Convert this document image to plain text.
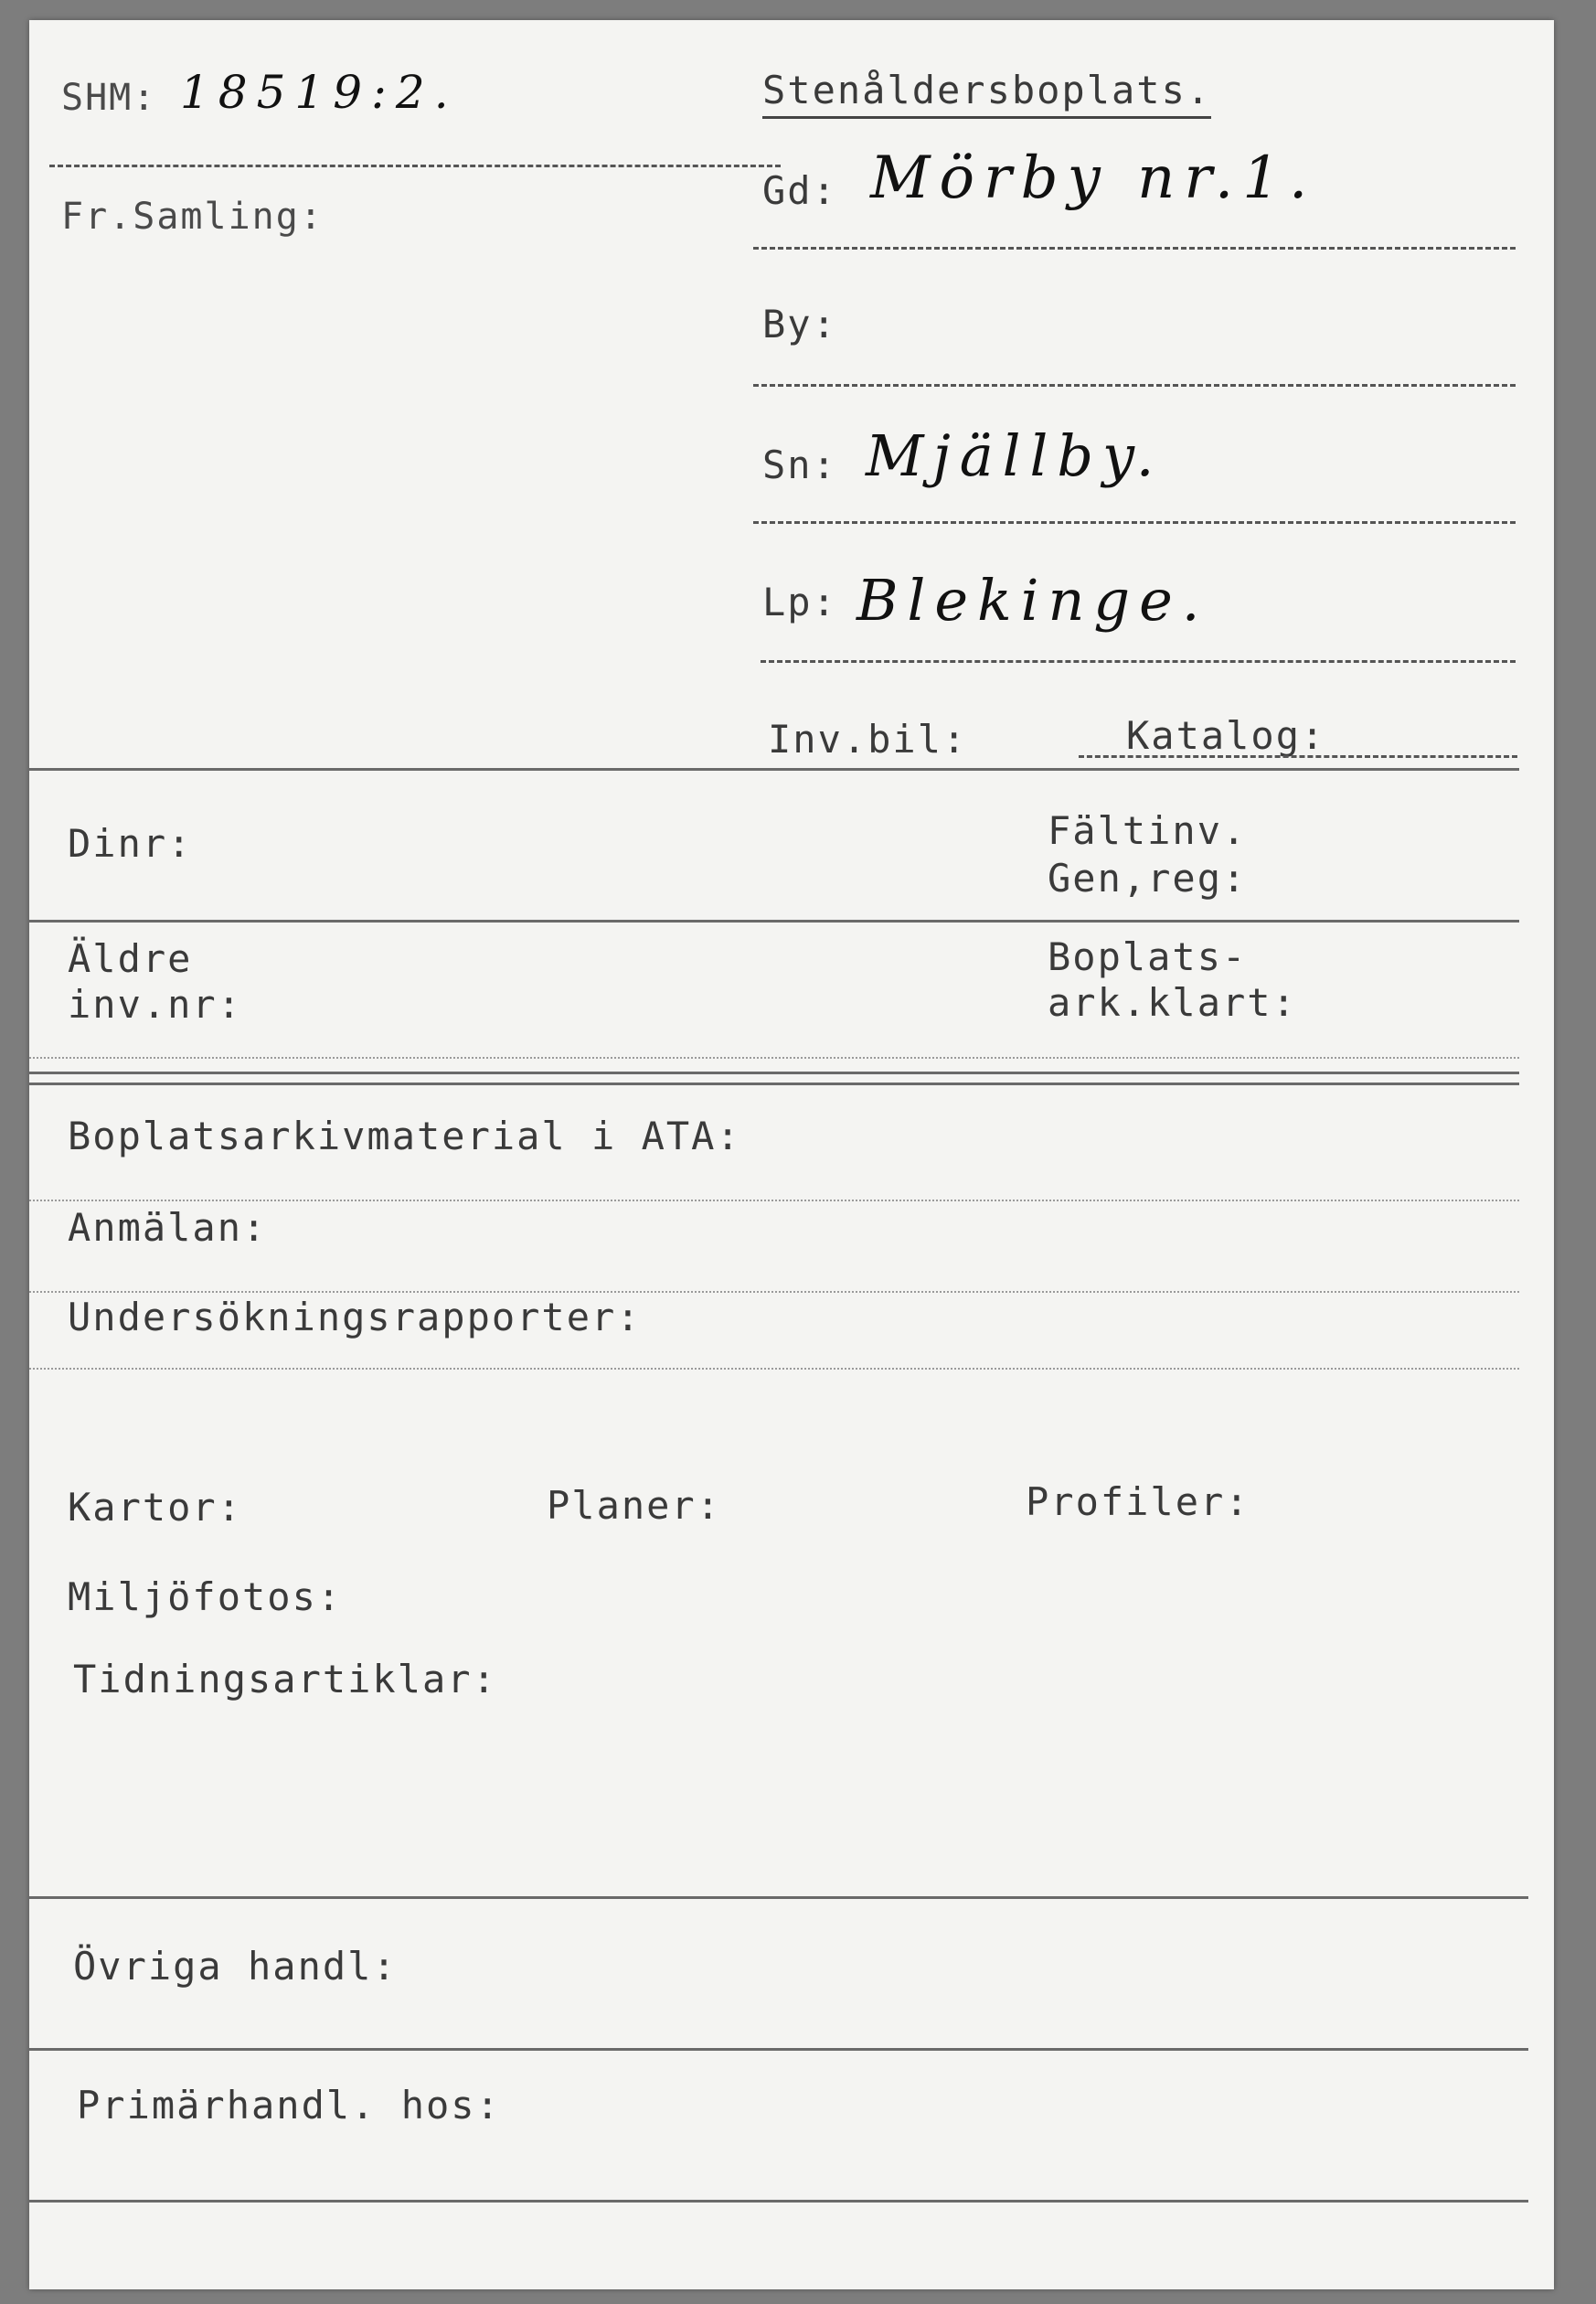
SHM: 18519:2.	Stenåldersboplats.
Fr.Samling:
Gd: Mörby nr.1.
By:
Sn: Mjällby.
Lp: Blekinge.
Inv.bil:	Katalog:
Dinr:	Fältinv.
Gen,reg:
Äldre
inv.nr:
Boplats-
ark.klart:
Boplatsarkivmaterial i ATA:
Anmälan:
Undersökningsrapporter:
Kartor:	Planer:	Profiler:
Miljöfotos:
Tidningsartiklar:
Övriga handl:
Primärhandl. hos:
